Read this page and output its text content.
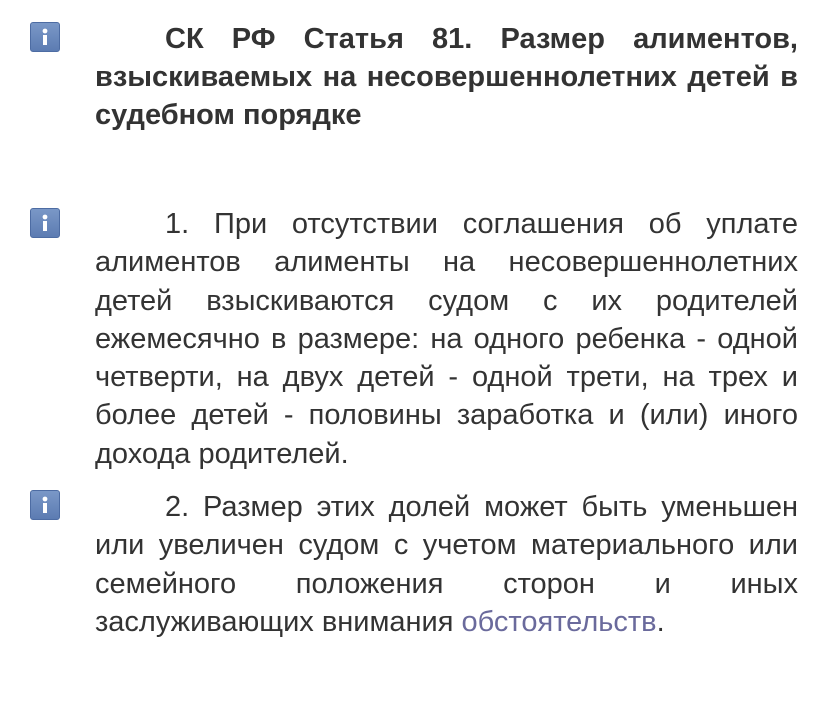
СК РФ Статья 81. Размер алиментов, взыскиваемых на несовершеннолетних детей в судебном порядке

1. При отсутствии соглашения об уплате алиментов алименты на несовершеннолетних детей взыскиваются судом с их родителей ежемесячно в размере: на одного ребенка - одной четверти, на двух детей - одной трети, на трех и более детей - половины заработка и (или) иного дохода родителей.

2. Размер этих долей может быть уменьшен или увеличен судом с учетом материального или семейного положения сторон и иных заслуживающих внимания обстоятельств.
